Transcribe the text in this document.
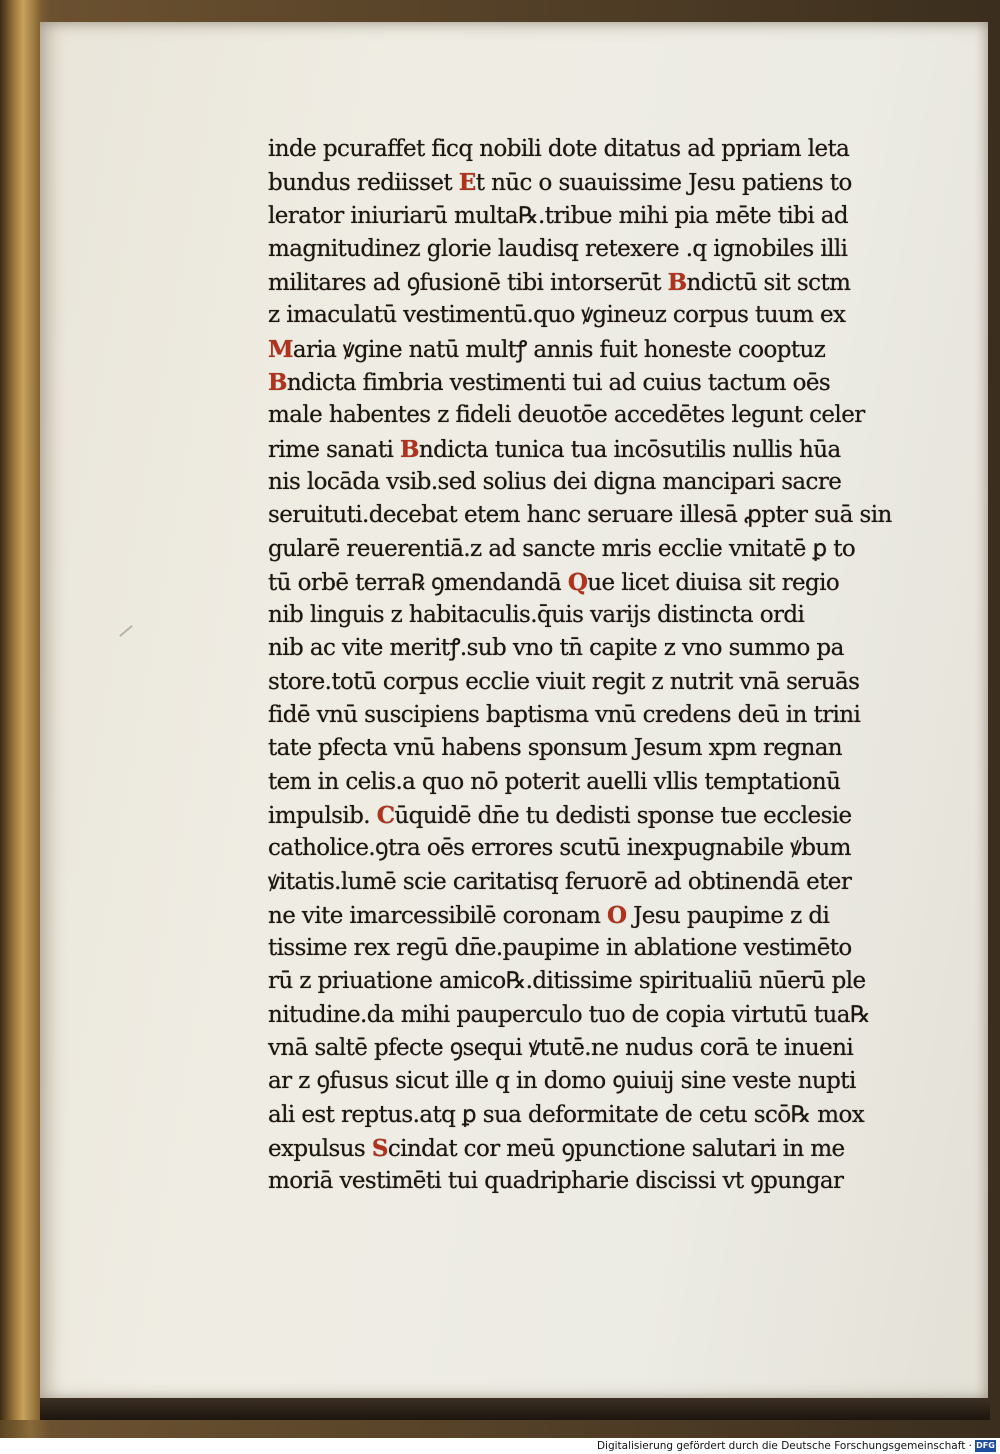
inde pcuraffet ficq nobili dote ditatus ad ppriam leta
bundus rediisset Et nūc o suauissime Jesu patiens to
lerator iniuriarū multa℞.tribue mihi pia mēte tibi ad
magnitudinez glorie laudisq retexere .q ignobiles illi
militares ad ꝯfusionē tibi intorserūt Bndictū sit sctm
z imaculatū vestimentū.quo ꝟgineuz corpus tuum ex
Maria ꝟgine natū multꝭ annis fuit honeste cooptuz
Bndicta fimbria vestimenti tui ad cuius tactum oēs
male habentes z fideli deuotōe accedētes legunt celer
rime sanati Bndicta tunica tua incōsutilis nullis hūa
nis locāda vsib.sed solius dei digna mancipari sacre
seruituti.decebat etem hanc seruare illesā ꝓpter suā sin
gularē reuerentiā.z ad sancte mris ecclie vnitatē ꝑ to
tū orbē terra℞ ꝯmendandā Que licet diuisa sit regio
nib linguis z habitaculis.q̄uis varijs distincta ordi
nib ac vite meritꝭ.sub vno tn̄ capite z vno summo pa
store.totū corpus ecclie viuit regit z nutrit vnā seruās
fidē vnū suscipiens baptisma vnū credens deū in trini
tate pfecta vnū habens sponsum Jesum xpm regnan
tem in celis.a quo nō poterit auelli vllis temptationū
impulsib. Cūquidē dn̄e tu dedisti sponse tue ecclesie
catholice.ꝯtra oēs errores scutū inexpugnabile ꝟbum
ꝟitatis.lumē scie caritatisq feruorē ad obtinendā eter
ne vite imarcessibilē coronam O Jesu paupime z di
tissime rex regū dn̄e.paupime in ablatione vestimēto
rū z priuatione amico℞.ditissime spiritualiū nūerū ple
nitudine.da mihi pauperculo tuo de copia virtutū tua℞
vnā saltē pfecte ꝯsequi ꝟtutē.ne nudus corā te inueni
ar z ꝯfusus sicut ille q in domo ꝯuiuij sine veste nupti
ali est reptus.atq ꝑ sua deformitate de cetu scō℞ mox
expulsus Scindat cor meū ꝯpunctione salutari in me
moriā vestimēti tui quadripharie discissi vt ꝯpungar
Digitalisierung gefördert durch die Deutsche Forschungsgemeinschaft · DFG
